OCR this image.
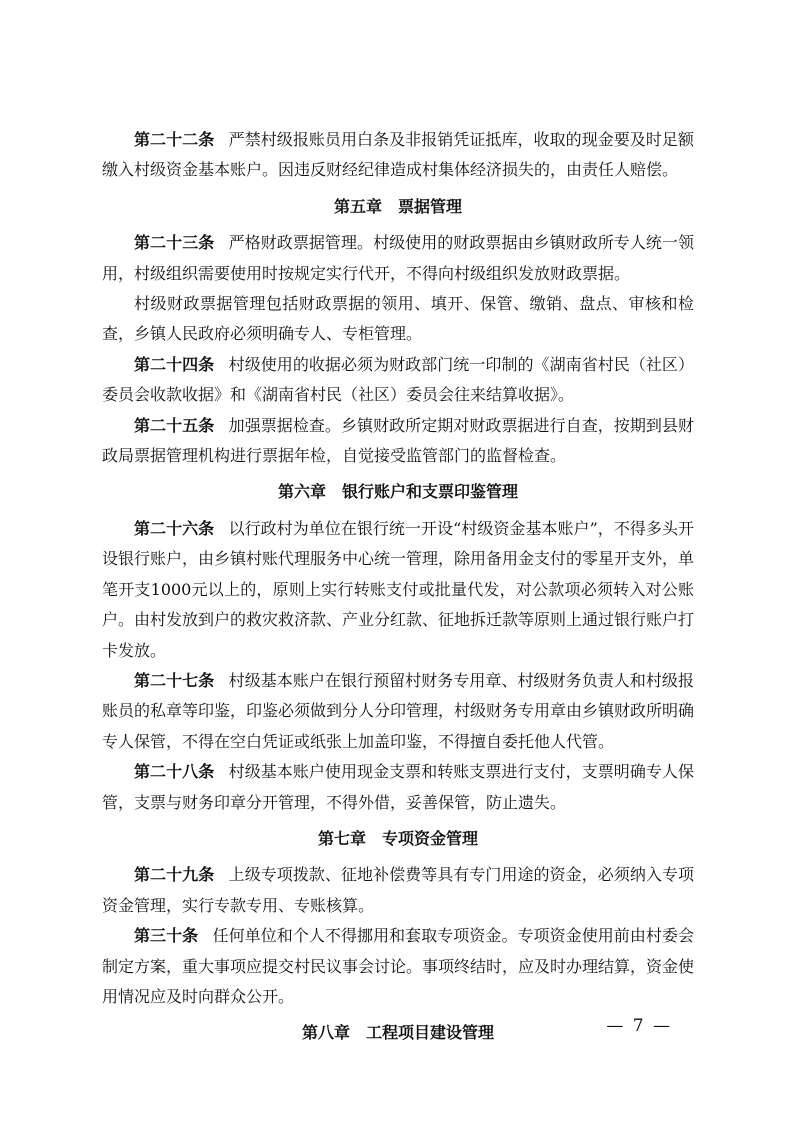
第二十二条 严禁村级报账员用白条及非报销凭证抵库，收取的现金要及时足额缴入村级资金基本账户。因违反财经纪律造成村集体经济损失的，由责任人赔偿。

第五章　票据管理

第二十三条 严格财政票据管理。村级使用的财政票据由乡镇财政所专人统一领用，村级组织需要使用时按规定实行代开，不得向村级组织发放财政票据。

村级财政票据管理包括财政票据的领用、填开、保管、缴销、盘点、审核和检查，乡镇人民政府必须明确专人、专柜管理。

第二十四条 村级使用的收据必须为财政部门统一印制的《湖南省村民（社区）委员会收款收据》和《湖南省村民（社区）委员会往来结算收据》。

第二十五条 加强票据检查。乡镇财政所定期对财政票据进行自查，按期到县财政局票据管理机构进行票据年检，自觉接受监管部门的监督检查。

第六章　银行账户和支票印鉴管理

第二十六条 以行政村为单位在银行统一开设“村级资金基本账户”，不得多头开设银行账户，由乡镇村账代理服务中心统一管理，除用备用金支付的零星开支外，单笔开支1000元以上的，原则上实行转账支付或批量代发，对公款项必须转入对公账户。由村发放到户的救灾救济款、产业分红款、征地拆迁款等原则上通过银行账户打卡发放。

第二十七条 村级基本账户在银行预留村财务专用章、村级财务负责人和村级报账员的私章等印鉴，印鉴必须做到分人分印管理，村级财务专用章由乡镇财政所明确专人保管，不得在空白凭证或纸张上加盖印鉴，不得擅自委托他人代管。

第二十八条 村级基本账户使用现金支票和转账支票进行支付，支票明确专人保管，支票与财务印章分开管理，不得外借，妥善保管，防止遗失。

第七章　专项资金管理

第二十九条 上级专项拨款、征地补偿费等具有专门用途的资金，必须纳入专项资金管理，实行专款专用、专账核算。

第三十条 任何单位和个人不得挪用和套取专项资金。专项资金使用前由村委会制定方案，重大事项应提交村民议事会讨论。事项终结时，应及时办理结算，资金使用情况应及时向群众公开。

第八章　工程项目建设管理	— 7 —
